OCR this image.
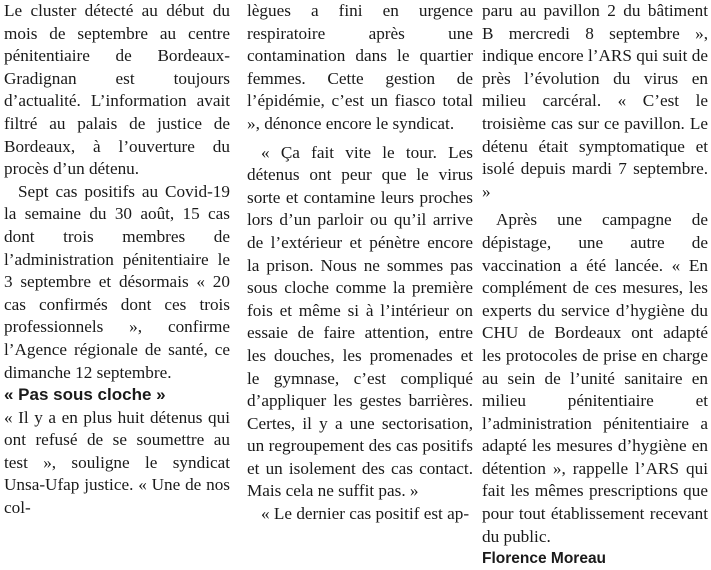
Le cluster détecté au début du mois de septembre au centre pénitentiaire de Bordeaux-Gradignan est toujours d’actualité. L’information avait filtré au palais de justice de Bordeaux, à l’ouverture du procès d’un détenu.

Sept cas positifs au Covid-19 la semaine du 30 août, 15 cas dont trois membres de l’administration pénitentiaire le 3 septembre et désormais « 20 cas confirmés dont ces trois professionnels », confirme l’Agence régionale de santé, ce dimanche 12 septembre.

« Pas sous cloche »

« Il y a en plus huit détenus qui ont refusé de se soumettre au test », souligne le syndicat Unsa-Ufap justice. « Une de nos col-

lègues a fini en urgence respiratoire après une contamination dans le quartier femmes. Cette gestion de l’épidémie, c’est un fiasco total », dénonce encore le syndicat.

« Ça fait vite le tour. Les détenus ont peur que le virus sorte et contamine leurs proches lors d’un parloir ou qu’il arrive de l’extérieur et pénètre encore la prison. Nous ne sommes pas sous cloche comme la première fois et même si à l’intérieur on essaie de faire attention, entre les douches, les promenades et le gymnase, c’est compliqué d’appliquer les gestes barrières. Certes, il y a une sectorisation, un regroupement des cas positifs et un isolement des cas contact. Mais cela ne suffit pas. »

« Le dernier cas positif est ap-

paru au pavillon 2 du bâtiment B mercredi 8 septembre », indique encore l’ARS qui suit de près l’évolution du virus en milieu carcéral. « C’est le troisième cas sur ce pavillon. Le détenu était symptomatique et isolé depuis mardi 7 septembre. »

Après une campagne de dépistage, une autre de vaccination a été lancée. « En complément de ces mesures, les experts du service d’hygiène du CHU de Bordeaux ont adapté les protocoles de prise en charge au sein de l’unité sanitaire en milieu pénitentiaire et l’administration pénitentiaire a adapté les mesures d’hygiène en détention », rappelle l’ARS qui fait les mêmes prescriptions que pour tout établissement recevant du public.

Florence Moreau
